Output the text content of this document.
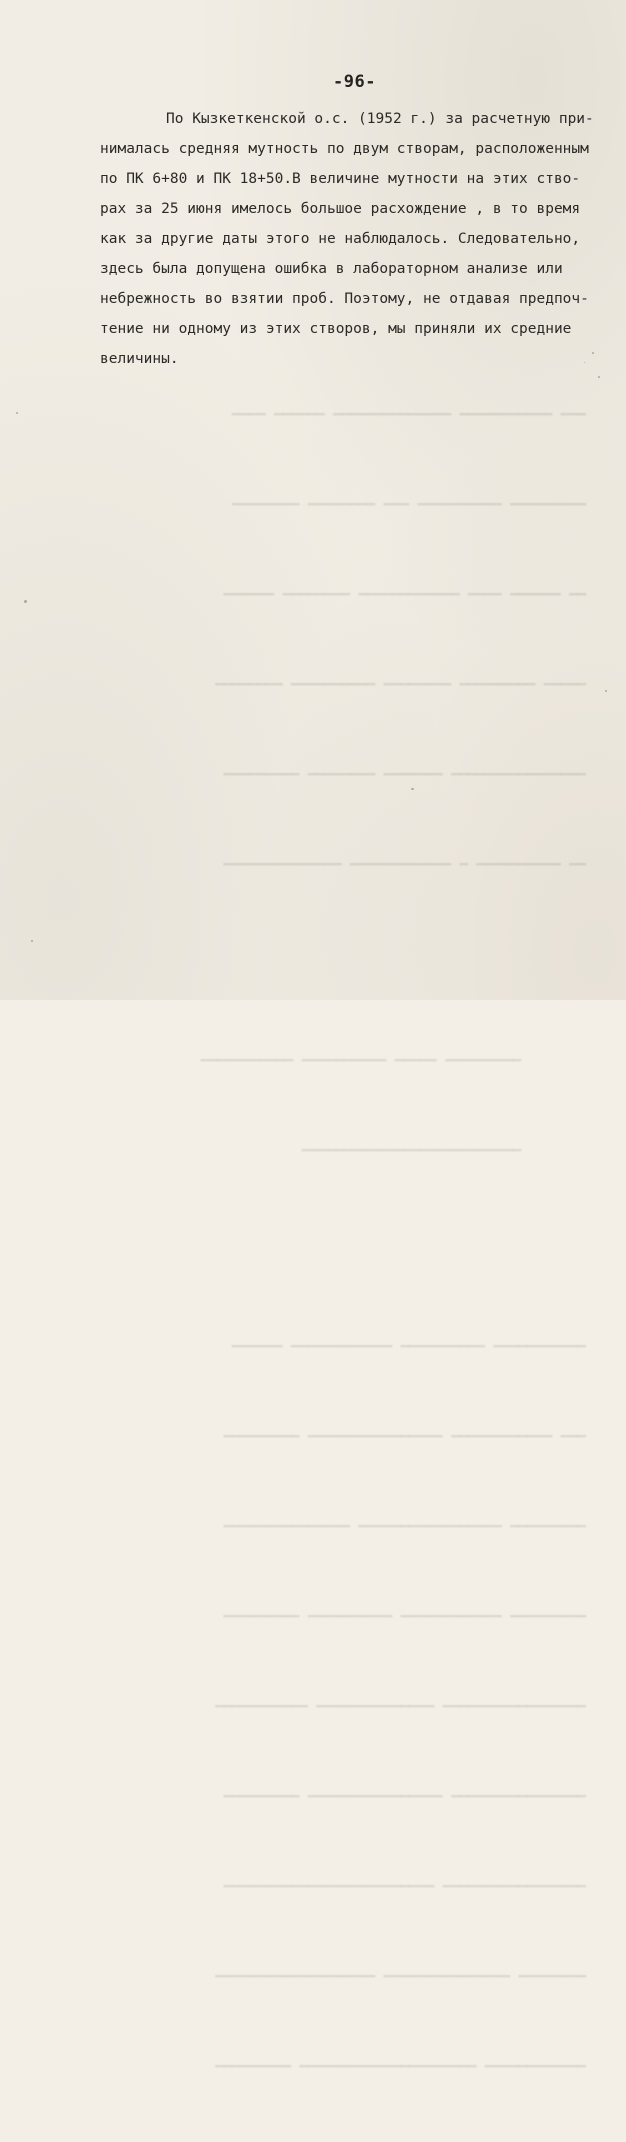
-96-
По Кызкеткенской о.с. (1952 г.) за расчетную при-
нималась средняя мутность по двум створам, расположенным
по ПК 6+80 и ПК 18+50.В величине мутности на этих ство-
рах за 25 июня имелось большое расхождение , в то время
как за другие даты этого не наблюдалось. Следовательно,
здесь была допущена ошибка в лабораторном анализе или
небрежность во взятии проб. Поэтому, не отдавая предпоч-
тение ни одному из этих створов, мы приняли их средние
величины.

━━━ ━━━━━━━━━━━ ━━━━━━━━━━━━━━ ━━━━━━ ━━━━

━━━━━━━━━ ━━━━━━━━━━ ━━━ ━━━━━━━━ ━━━━━━━━

━━ ━━━━━━ ━━━━ ━━━━━━━━━━━━ ━━━━━━━━ ━━━━━━

━━━━━ ━━━━━━━━━ ━━━━━━━━ ━━━━━━━━━━ ━━━━━━━━

━━━━━━━━━━━━━━━━ ━━━━━━━ ━━━━━━━━ ━━━━━━━━━

━━ ━━━━━━━━━━ ━ ━━━━━━━━━━━━ ━━━━━━━━━━━━━━

━━━━━━━━━ ━━━━━ ━━━━━━━━━━ ━━━━━━━━━━━

━━━━━━━━━━━━━━━━━━━━━━━━━━

━━━━━━━━━━━ ━━━━━━━━━━ ━━━━━━━━━━━━ ━━━━━━

━━━ ━━━━━━━━━━━━ ━━━━━━━━━━━━━━━━ ━━━━━━━━━

━━━━━━━━━ ━━━━━━━━━━━━━━━━━ ━━━━━━━━━━━━━━━

━━━━━━━━━ ━━━━━━━━━━━━ ━━━━━━━━━━ ━━━━━━━━━

━━━━━━━━━━━━━━━━━ ━━━━━━━━━━━━━━ ━━━━━━━━━━━

━━━━━━━━━━━━━━━━ ━━━━━━━━━━━━━━━━ ━━━━━━━━━

━━━━━━━━━━━━━━━━━ ━━━━━━━━━━━━━━━━━━━━━━━━━

━━━━━━━━ ━━━━━━━━━━━━━━━ ━━━━━━━━━━━━━━━━━━━

━━━━━━━━━━━━ ━━━━━━━━━━━━━━━━━━━━━ ━━━━━━━━━
